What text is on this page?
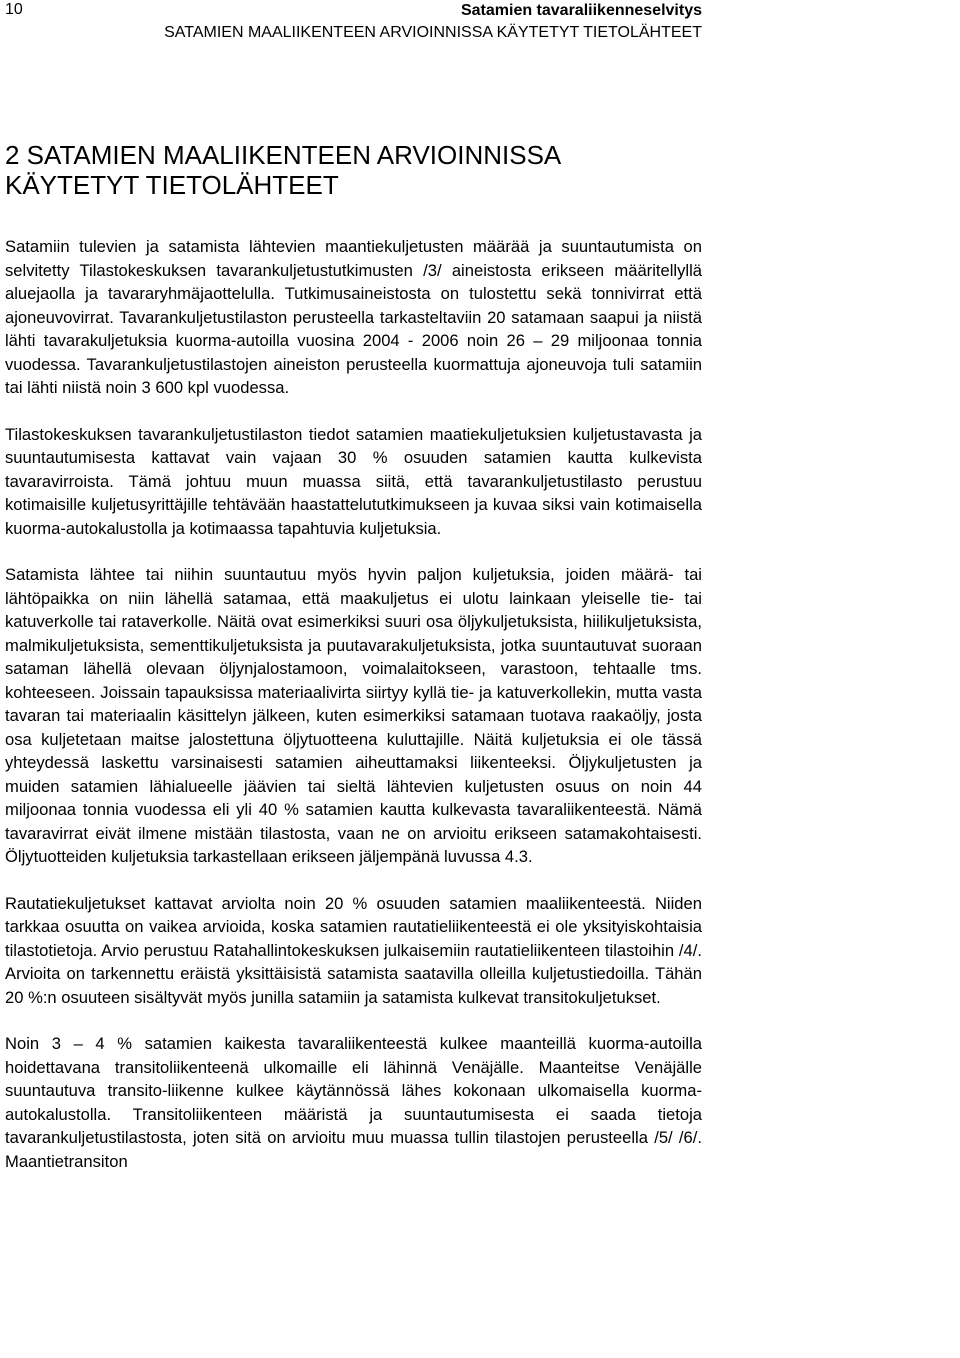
10	Satamien tavaraliikenneselvitys
SATAMIEN MAALIIKENTEEN ARVIOINNISSA KÄYTETYT TIETOLÄHTEET
2 SATAMIEN MAALIIKENTEEN ARVIOINNISSA
KÄYTETYT TIETOLÄHTEET

Satamiin tulevien ja satamista lähtevien maantiekuljetusten määrää ja suuntautumista on selvitetty Tilastokeskuksen tavarankuljetustutkimusten /3/ aineistosta erikseen määritellyllä aluejaolla ja tavararyhmäjaottelulla. Tutkimusaineistosta on tulostettu sekä tonnivirrat että ajoneuvovirrat. Tavarankuljetustilaston perusteella tarkasteltaviin 20 satamaan saapui ja niistä lähti tavarakuljetuksia kuorma-autoilla vuosina 2004 - 2006 noin 26 – 29 miljoonaa tonnia vuodessa. Tavarankuljetustilastojen aineiston perusteella kuormattuja ajoneuvoja tuli satamiin tai lähti niistä noin 3 600 kpl vuodessa.

Tilastokeskuksen tavarankuljetustilaston tiedot satamien maatiekuljetuksien kuljetustavasta ja suuntautumisesta kattavat vain vajaan 30 % osuuden satamien kautta kulkevista tavaravirroista. Tämä johtuu muun muassa siitä, että tavarankuljetustilasto perustuu kotimaisille kuljetusyrittäjille tehtävään haastattelututkimukseen ja kuvaa siksi vain kotimaisella kuorma-autokalustolla ja kotimaassa tapahtuvia kuljetuksia.

Satamista lähtee tai niihin suuntautuu myös hyvin paljon kuljetuksia, joiden määrä- tai lähtöpaikka on niin lähellä satamaa, että maakuljetus ei ulotu lainkaan yleiselle tie- tai katuverkolle tai rataverkolle. Näitä ovat esimerkiksi suuri osa öljykuljetuksista, hiilikuljetuksista, malmikuljetuksista, sementtikuljetuksista ja puutavarakuljetuksista, jotka suuntautuvat suoraan sataman lähellä olevaan öljynjalostamoon, voimalaitokseen, varastoon, tehtaalle tms. kohteeseen. Joissain tapauksissa materiaalivirta siirtyy kyllä tie- ja katuverkollekin, mutta vasta tavaran tai materiaalin käsittelyn jälkeen, kuten esimerkiksi satamaan tuotava raakaöljy, josta osa kuljetetaan maitse jalostettuna öljytuotteena kuluttajille. Näitä kuljetuksia ei ole tässä yhteydessä laskettu varsinaisesti satamien aiheuttamaksi liikenteeksi. Öljykuljetusten ja muiden satamien lähialueelle jäävien tai sieltä lähtevien kuljetusten osuus on noin 44 miljoonaa tonnia vuodessa eli yli 40 % satamien kautta kulkevasta tavaraliikenteestä. Nämä tavaravirrat eivät ilmene mistään tilastosta, vaan ne on arvioitu erikseen satamakohtaisesti. Öljytuotteiden kuljetuksia tarkastellaan erikseen jäljempänä luvussa 4.3.

Rautatiekuljetukset kattavat arviolta noin 20 % osuuden satamien maaliikenteestä. Niiden tarkkaa osuutta on vaikea arvioida, koska satamien rautatieliikenteestä ei ole yksityiskohtaisia tilastotietoja. Arvio perustuu Ratahallintokeskuksen julkaisemiin rautatieliikenteen tilastoihin /4/. Arvioita on tarkennettu eräistä yksittäisistä satamista saatavilla olleilla kuljetustiedoilla. Tähän 20 %:n osuuteen sisältyvät myös junilla satamiin ja satamista kulkevat transitokuljetukset.

Noin 3 – 4 % satamien kaikesta tavaraliikenteestä kulkee maanteillä kuorma-autoilla hoidettavana transitoliikenteenä ulkomaille eli lähinnä Venäjälle. Maanteitse Venäjälle suuntautuva transito-liikenne kulkee käytännössä lähes kokonaan ulkomaisella kuorma-autokalustolla. Transitoliikenteen määristä ja suuntautumisesta ei saada tietoja tavarankuljetustilastosta, joten sitä on arvioitu muu muassa tullin tilastojen perusteella /5/ /6/. Maantietransiton
